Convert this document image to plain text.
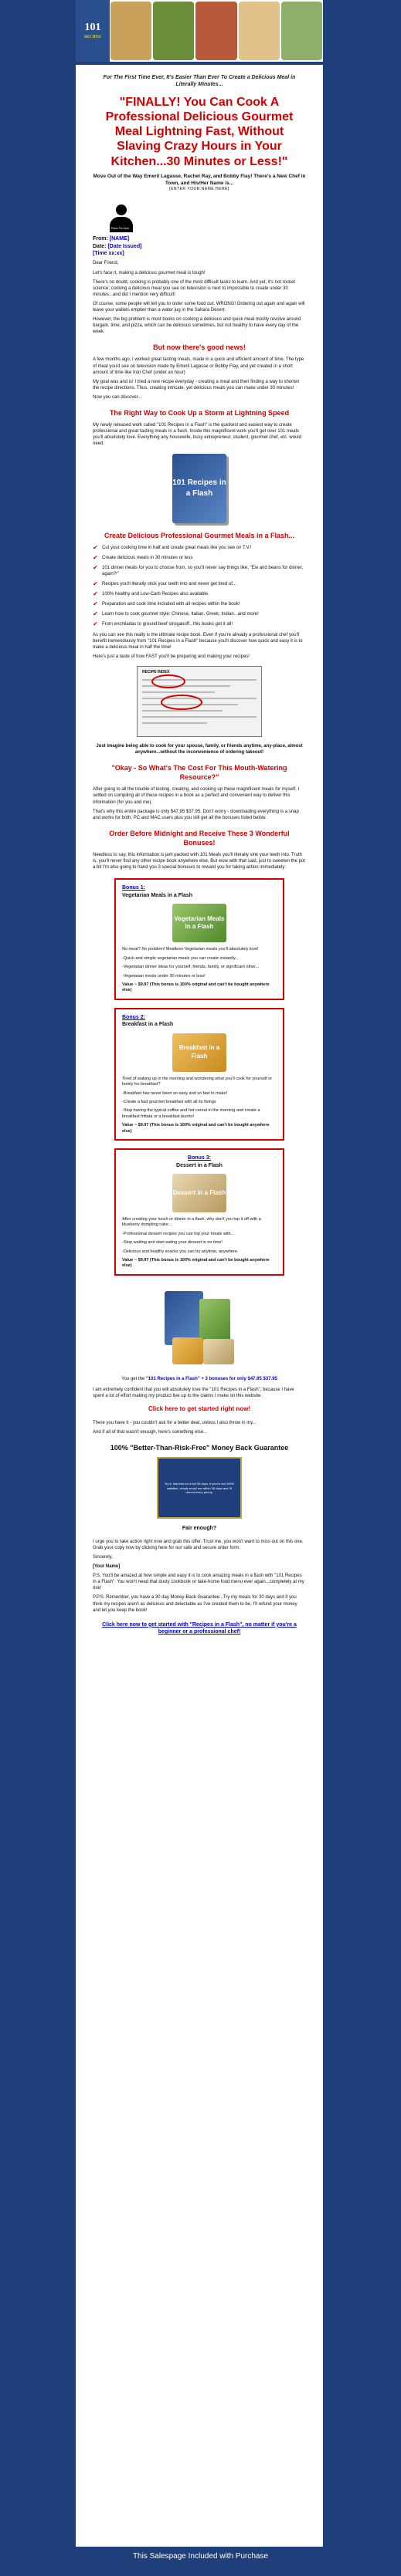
101
RECIPES
For The First Time Ever, It's Easier Than Ever To Create a Delicious Meal in Literally Minutes...
"FINALLY! You Can Cook A Professional Delicious Gourmet Meal Lightning Fast, Without Slaving Crazy Hours in Your Kitchen...30 Minutes or Less!"
Move Out of the Way Emeril Lagasse, Rachel Ray, and Bobby Flay! There's a New Chef in Town, and His/Her Name is...
[ENTER YOUR NAME HERE]
Place Pic Here
From: [NAME]
Date: [Date Issued]
[Time xx:xx]

Dear Friend,

Let's face it, making a delicious gourmet meal is tough!

There's no doubt, cooking is probably one of the most difficult tasks to learn. And yet, it's not rocket science; cooking a delicious meal you see on television is next to impossible to create under 30 minutes...and did I mention very difficult!

Of course, some people will tell you to order some food out. WRONG! Ordering out again and again will leave your wallets emptier than a water jug in the Sahara Desert.

However, the big problem is most books on cooking a delicious and quick meal mostly revolve around bargain, time, and pizza, which can be delicious sometimes, but not healthy to have every day of the week.

But now there's good news!

A few months ago, I worked great tasting meals, made in a quick and efficient amount of time. The type of meal you'd see on television made by Emeril Lagasse or Bobby Flay, and yet created in a short amount of time like Iron Chef (under an hour)

My goal was and is! I tried a new recipe everyday - creating a meal and then finding a way to shorten the recipe directions. Thus, creating intricate, yet delicious meals you can make under 30 minutes!

Now you can discover...

The Right Way to Cook Up a Storm at Lightning Speed

My newly released work called "101 Recipes in a Flash" is the quickest and easiest way to create professional and great tasting meals in a flash. Inside this magnificent work you'll get over 101 meals you'll absolutely love. Everything any housewife, busy entrepreneur, student, gourmet chef, etc. would need.

101 Recipes in a Flash
Create Delicious Professional Gourmet Meals in a Flash...
✔ Cut your cooking time in half and create great meals like you see on T.V.!
✔ Create delicious meals in 30 minutes or less
✔ 101 dinner meals for you to choose from, so you'll never say things like, "Ew and beans for dinner, again?!"
✔ Recipes you'll literally stick your teeth into and never get tired of...
✔ 100% healthy and Low-Carb Recipes also available.
✔ Preparation and cook time included with all recipes within the book!
✔ Learn how to cook gourmet style: Chinese, Italian, Greek, Indian...and more!
✔ From enchiladas to ground beef stroganoff...this books got it all!

As you can see this really is the ultimate recipe book. Even if you're already a professional chef you'll benefit tremendously from "101 Recipes in a Flash" because you'll discover how quick and easy it is to make a delicious meal in half the time!

Here's just a taste of how FAST you'll be preparing and making your recipes!

RECIPE INDEX

Just imagine being able to cook for your spouse, family, or friends anytime, any-place, almost anywhere...without the inconvenience of ordering takeout!

"Okay - So What's The Cost For This Mouth-Watering Resource?"

After going to all the trouble of testing, creating, and cooking up these magnificent meals for myself, I settled on compiling all of these recipes in a book as a perfect and convenient way to deliver this information (for you and me).

That's why this entire package is only $47.95 $37.95. Don't worry - downloading everything is a snap and works for both, PC and MAC users plus you still get all the bonuses listed below.

Order Before Midnight and Receive These 3 Wonderful Bonuses!

Needless to say, this information is jam packed with 101 Meals you'll literally sink your teeth into. Truth is, you'll never find any other recipe book anywhere else. But wow with that said, just to sweeten the pot a bit I'm also going to hand you 3 special bonuses to reward you for taking action immediately:

Bonus 1:
Vegetarian Meals in a Flash
Vegetarian Meals in a Flash

No meat? No problem! Meatless-Vegetarian meals you'll absolutely love!

-Quick and simple vegetarian meals you can create instantly...

-Vegetarian dinner ideas for yourself, friends, family, or significant other...

-Vegetarian meals under 30 minutes or less!

Value ~ $9.97 (This bonus is 100% original and can't be bought anywhere else)
Bonus 2:
Breakfast in a Flash
Breakfast in a Flash

Tired of waking up in the morning and wondering what you'll cook for yourself or family for breakfast?

-Breakfast has never been so easy and so fast to make!

-Create a fast gourmet breakfast with all its fixings

-Stop having the typical coffee and hot cereal in the morning and create a breakfast frittata or a breakfast burrito!

Value ~ $9.97 (This bonus is 100% original and can't be bought anywhere else)
Bonus 3:
Dessert in a Flash
Dessert in a Flash

After creating your lunch or dinner in a flash, why don't you top it off with a blueberry dumpling cake...

-Professional dessert recipes you can top your meals with...

-Stop waiting and start eating your dessert in no time!

-Delicious and healthy snacks you can try anytime, anywhere.

Value ~ $9.97 (This bonus is 100% original and can't be bought anywhere else)
You get the "101 Recipes in a Flash" + 3 bonuses for only $47.95 $37.95

I am extremely confident that you will absolutely love the "101 Recipes in a Flash", because I have spent a lot of effort making my product live up to the claims I make on this website.

Click here to get started right now!

There you have it - you couldn't ask for a better deal, unless I also throw in my...

And if all of that wasn't enough, here's something else...

100% "Better-Than-Risk-Free" Money Back Guarantee
Try it, risk-free for a full 30 days. If you're not 100% satisfied, simply email me within 30 days and I'll refund every penny.
Fair enough?

I urge you to take action right now and grab this offer. Trust me, you won't want to miss out on this one. Grab your copy now by clicking here for our safe and secure order form.

Sincerely,

[Your Name]

P.S. You'll be amazed at how simple and easy it is to cook amazing meals in a flash with "101 Recipes in a Flash". You won't need that dusty cookbook or take-home food menu ever again...completely at my risk!

P.P.S. Remember, you have a 30 day Money-Back Guarantee...Try my meals for 30 days and if you think my recipes aren't as delicious and delectable as I've created them to be, I'll refund your money and let you keep the book!

Click here now to get started with "Recipes in a Flash", no matter if you're a beginner or a professional chef!
This Salespage Included with Purchase
